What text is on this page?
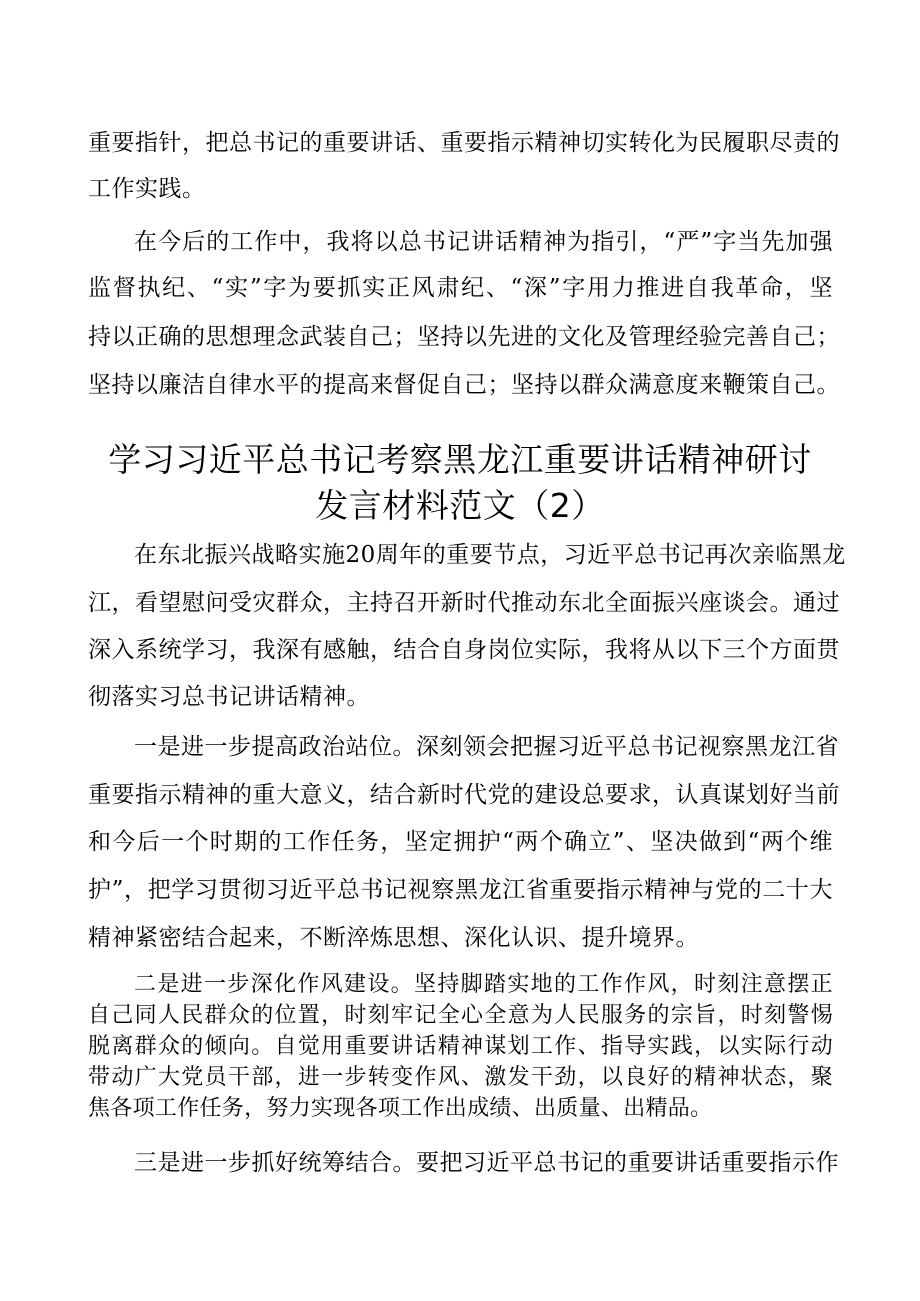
重要指针，把总书记的重要讲话、重要指示精神切实转化为民履职尽责的
工作实践。
在今后的工作中，我将以总书记讲话精神为指引，“严”字当先加强
监督执纪、“实”字为要抓实正风肃纪、“深”字用力推进自我革命，坚
持以正确的思想理念武装自己；坚持以先进的文化及管理经验完善自己；
坚持以廉洁自律水平的提高来督促自己；坚持以群众满意度来鞭策自己。
学习习近平总书记考察黑龙江重要讲话精神研讨
发言材料范文（2）
在东北振兴战略实施20周年的重要节点，习近平总书记再次亲临黑龙
江，看望慰问受灾群众，主持召开新时代推动东北全面振兴座谈会。通过
深入系统学习，我深有感触，结合自身岗位实际，我将从以下三个方面贯
彻落实习总书记讲话精神。
一是进一步提高政治站位。深刻领会把握习近平总书记视察黑龙江省
重要指示精神的重大意义，结合新时代党的建设总要求，认真谋划好当前
和今后一个时期的工作任务，坚定拥护“两个确立”、坚决做到“两个维
护”，把学习贯彻习近平总书记视察黑龙江省重要指示精神与党的二十大
精神紧密结合起来，不断淬炼思想、深化认识、提升境界。
二是进一步深化作风建设。坚持脚踏实地的工作作风，时刻注意摆正
自己同人民群众的位置，时刻牢记全心全意为人民服务的宗旨，时刻警惕
脱离群众的倾向。自觉用重要讲话精神谋划工作、指导实践，以实际行动
带动广大党员干部，进一步转变作风、激发干劲，以良好的精神状态，聚
焦各项工作任务，努力实现各项工作出成绩、出质量、出精品。
三是进一步抓好统筹结合。要把习近平总书记的重要讲话重要指示作
